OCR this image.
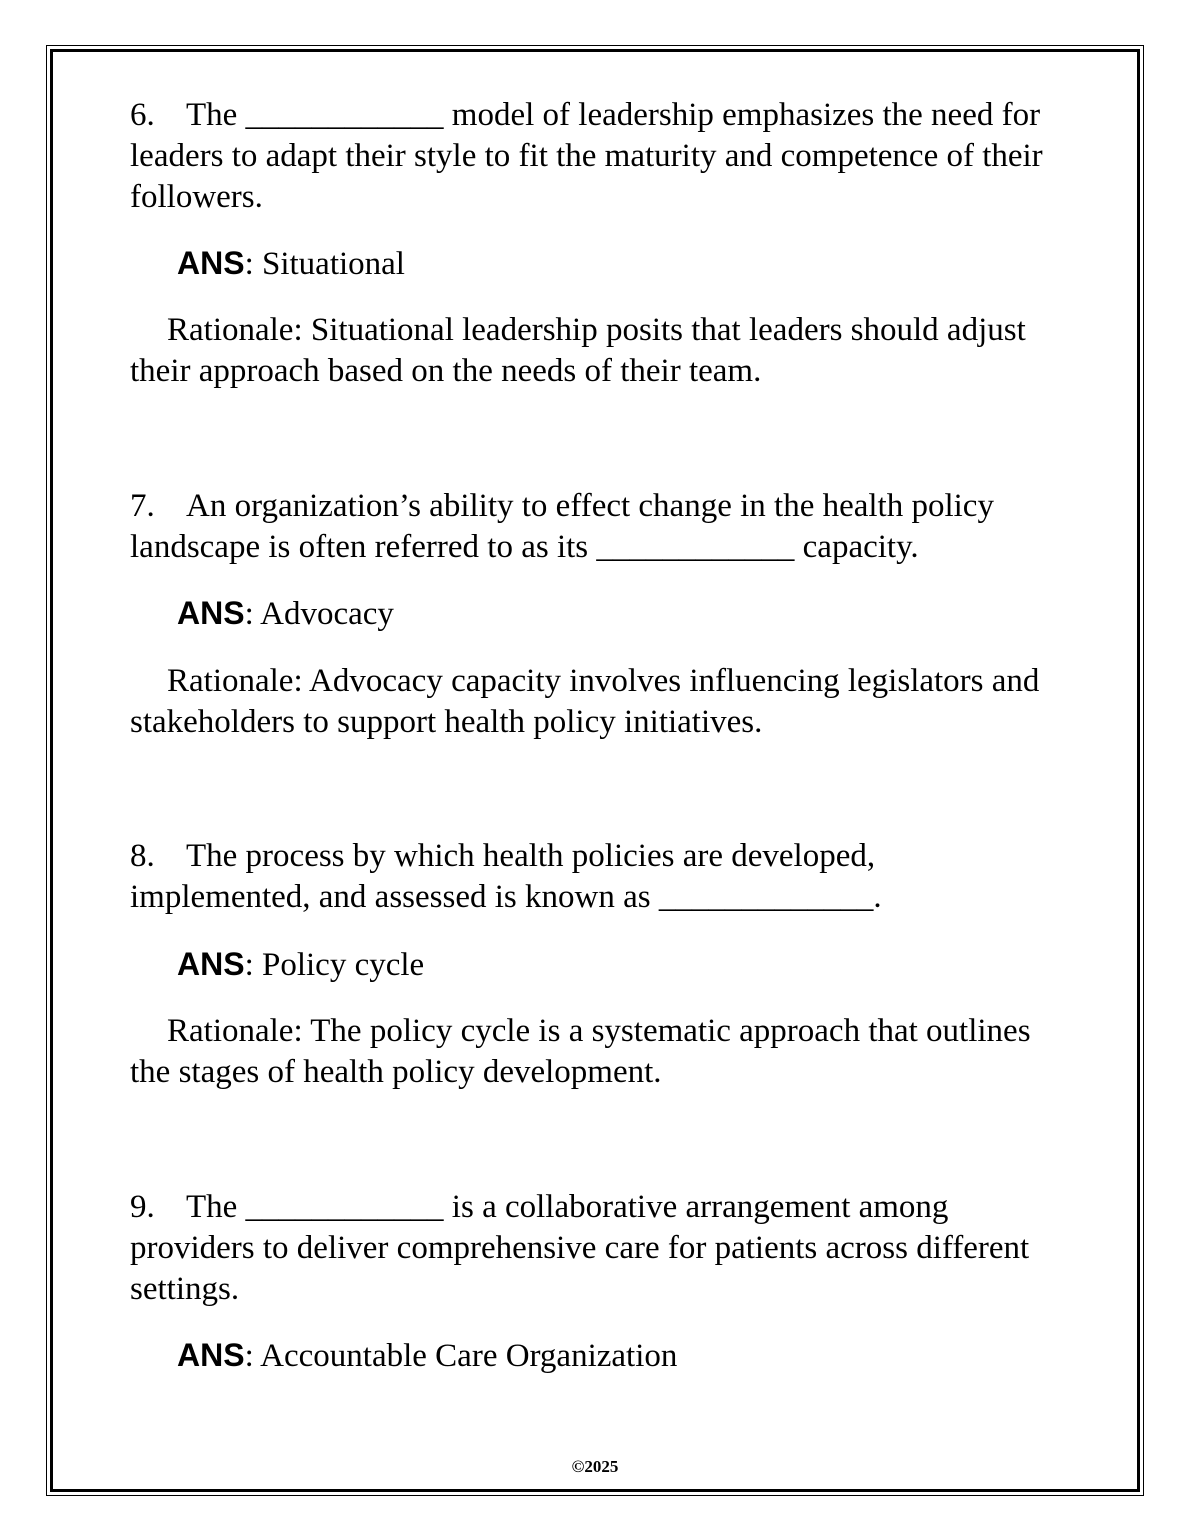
6. The ____________ model of leadership emphasizes the need for leaders to adapt their style to fit the maturity and competence of their followers.

ANS: Situational

Rationale: Situational leadership posits that leaders should adjust their approach based on the needs of their team.

7. An organization’s ability to effect change in the health policy landscape is often referred to as its ____________ capacity.

ANS: Advocacy

Rationale: Advocacy capacity involves influencing legislators and stakeholders to support health policy initiatives.

8. The process by which health policies are developed, implemented, and assessed is known as _____________.

ANS: Policy cycle

Rationale: The policy cycle is a systematic approach that outlines the stages of health policy development.

9. The ____________ is a collaborative arrangement among providers to deliver comprehensive care for patients across different settings.

ANS: Accountable Care Organization

©2025
